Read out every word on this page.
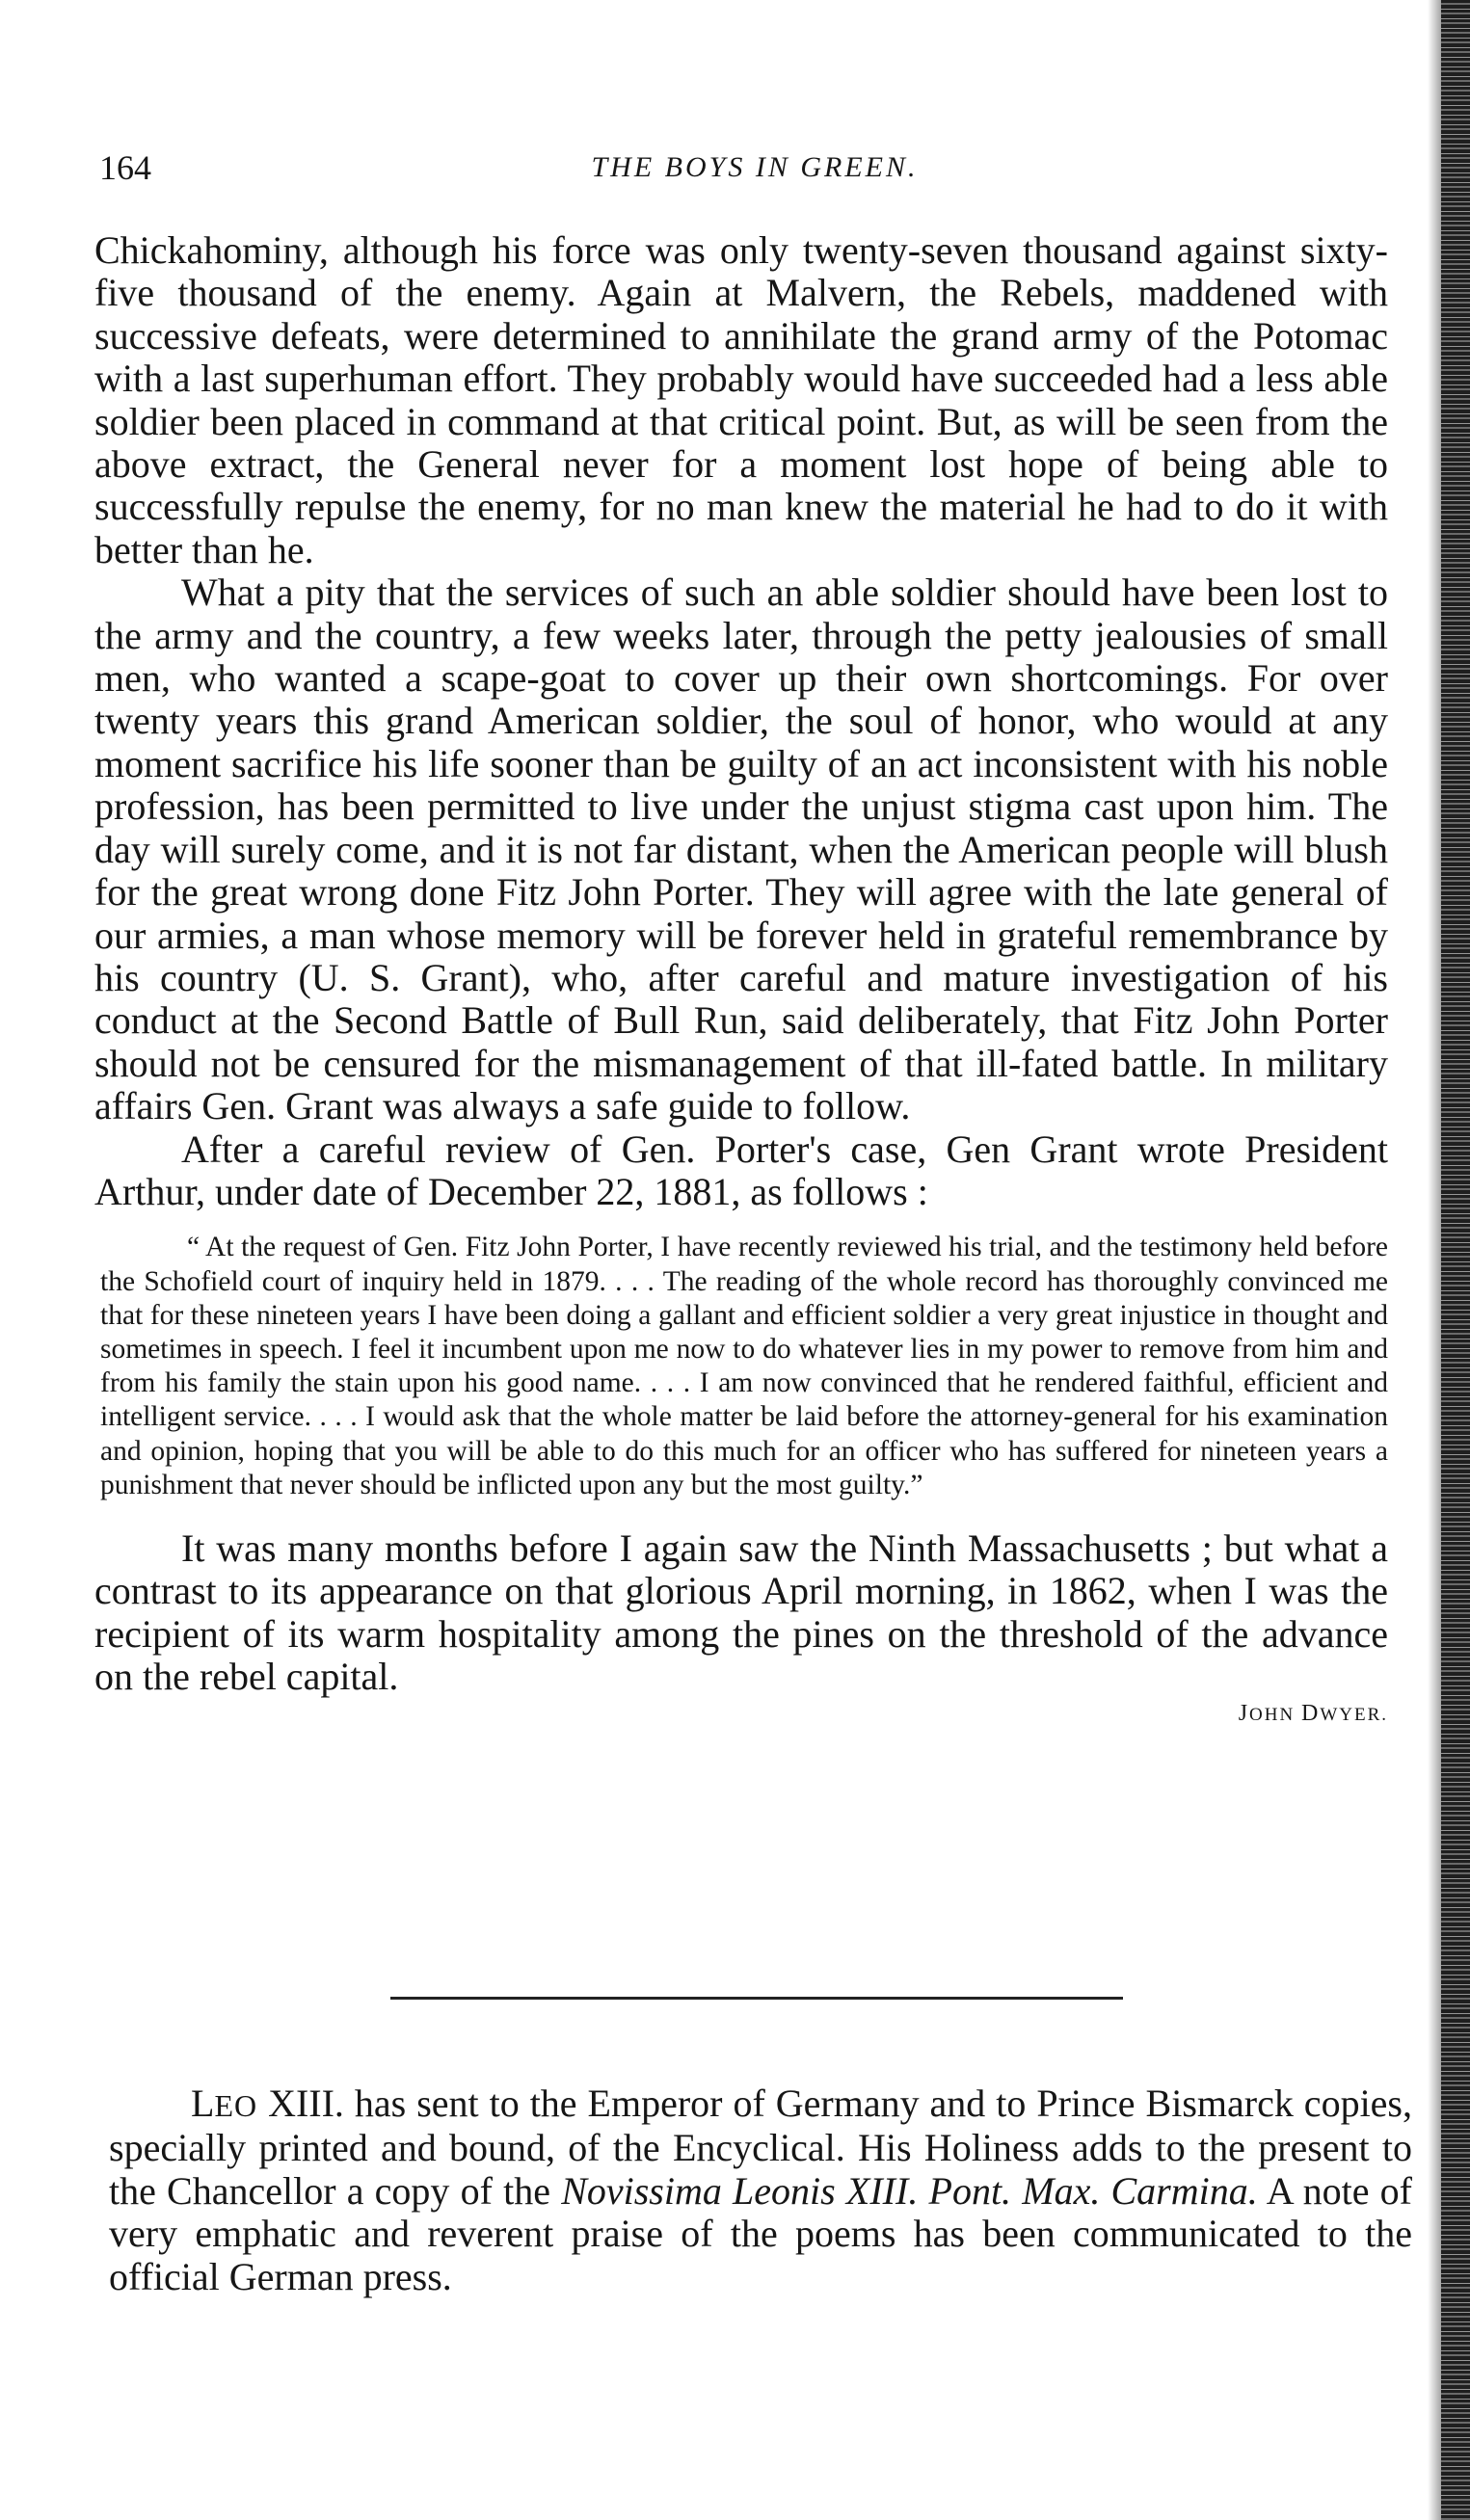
164	THE BOYS IN GREEN.

Chickahominy, although his force was only twenty-seven thousand against sixty-five thousand of the enemy. Again at Malvern, the Rebels, maddened with successive defeats, were determined to annihilate the grand army of the Potomac with a last superhuman effort. They probably would have succeeded had a less able soldier been placed in command at that critical point. But, as will be seen from the above extract, the General never for a moment lost hope of being able to successfully repulse the enemy, for no man knew the material he had to do it with better than he.

What a pity that the services of such an able soldier should have been lost to the army and the country, a few weeks later, through the petty jealousies of small men, who wanted a scape-goat to cover up their own shortcomings. For over twenty years this grand American soldier, the soul of honor, who would at any moment sacrifice his life sooner than be guilty of an act inconsistent with his noble profession, has been permitted to live under the unjust stigma cast upon him. The day will surely come, and it is not far distant, when the American people will blush for the great wrong done Fitz John Porter. They will agree with the late general of our armies, a man whose memory will be forever held in grateful remembrance by his country (U. S. Grant), who, after careful and mature investigation of his conduct at the Second Battle of Bull Run, said deliberately, that Fitz John Porter should not be censured for the mismanagement of that ill-fated battle. In military affairs Gen. Grant was always a safe guide to follow.

After a careful review of Gen. Porter's case, Gen Grant wrote President Arthur, under date of December 22, 1881, as follows :

“ At the request of Gen. Fitz John Porter, I have recently reviewed his trial, and the testimony held before the Schofield court of inquiry held in 1879. . . . The reading of the whole record has thoroughly convinced me that for these nineteen years I have been doing a gallant and efficient soldier a very great injustice in thought and sometimes in speech. I feel it incumbent upon me now to do whatever lies in my power to remove from him and from his family the stain upon his good name. . . . I am now convinced that he rendered faithful, efficient and intelligent service. . . . I would ask that the whole matter be laid before the attorney-general for his examination and opinion, hoping that you will be able to do this much for an officer who has suffered for nineteen years a punishment that never should be inflicted upon any but the most guilty.”

It was many months before I again saw the Ninth Massachusetts ; but what a contrast to its appearance on that glorious April morning, in 1862, when I was the recipient of its warm hospitality among the pines on the threshold of the advance on the rebel capital.

JOHN DWYER.

LEO XIII. has sent to the Emperor of Germany and to Prince Bismarck copies, specially printed and bound, of the Encyclical. His Holiness adds to the present to the Chancellor a copy of the Novissima Leonis XIII. Pont. Max. Carmina. A note of very emphatic and reverent praise of the poems has been communicated to the official German press.
